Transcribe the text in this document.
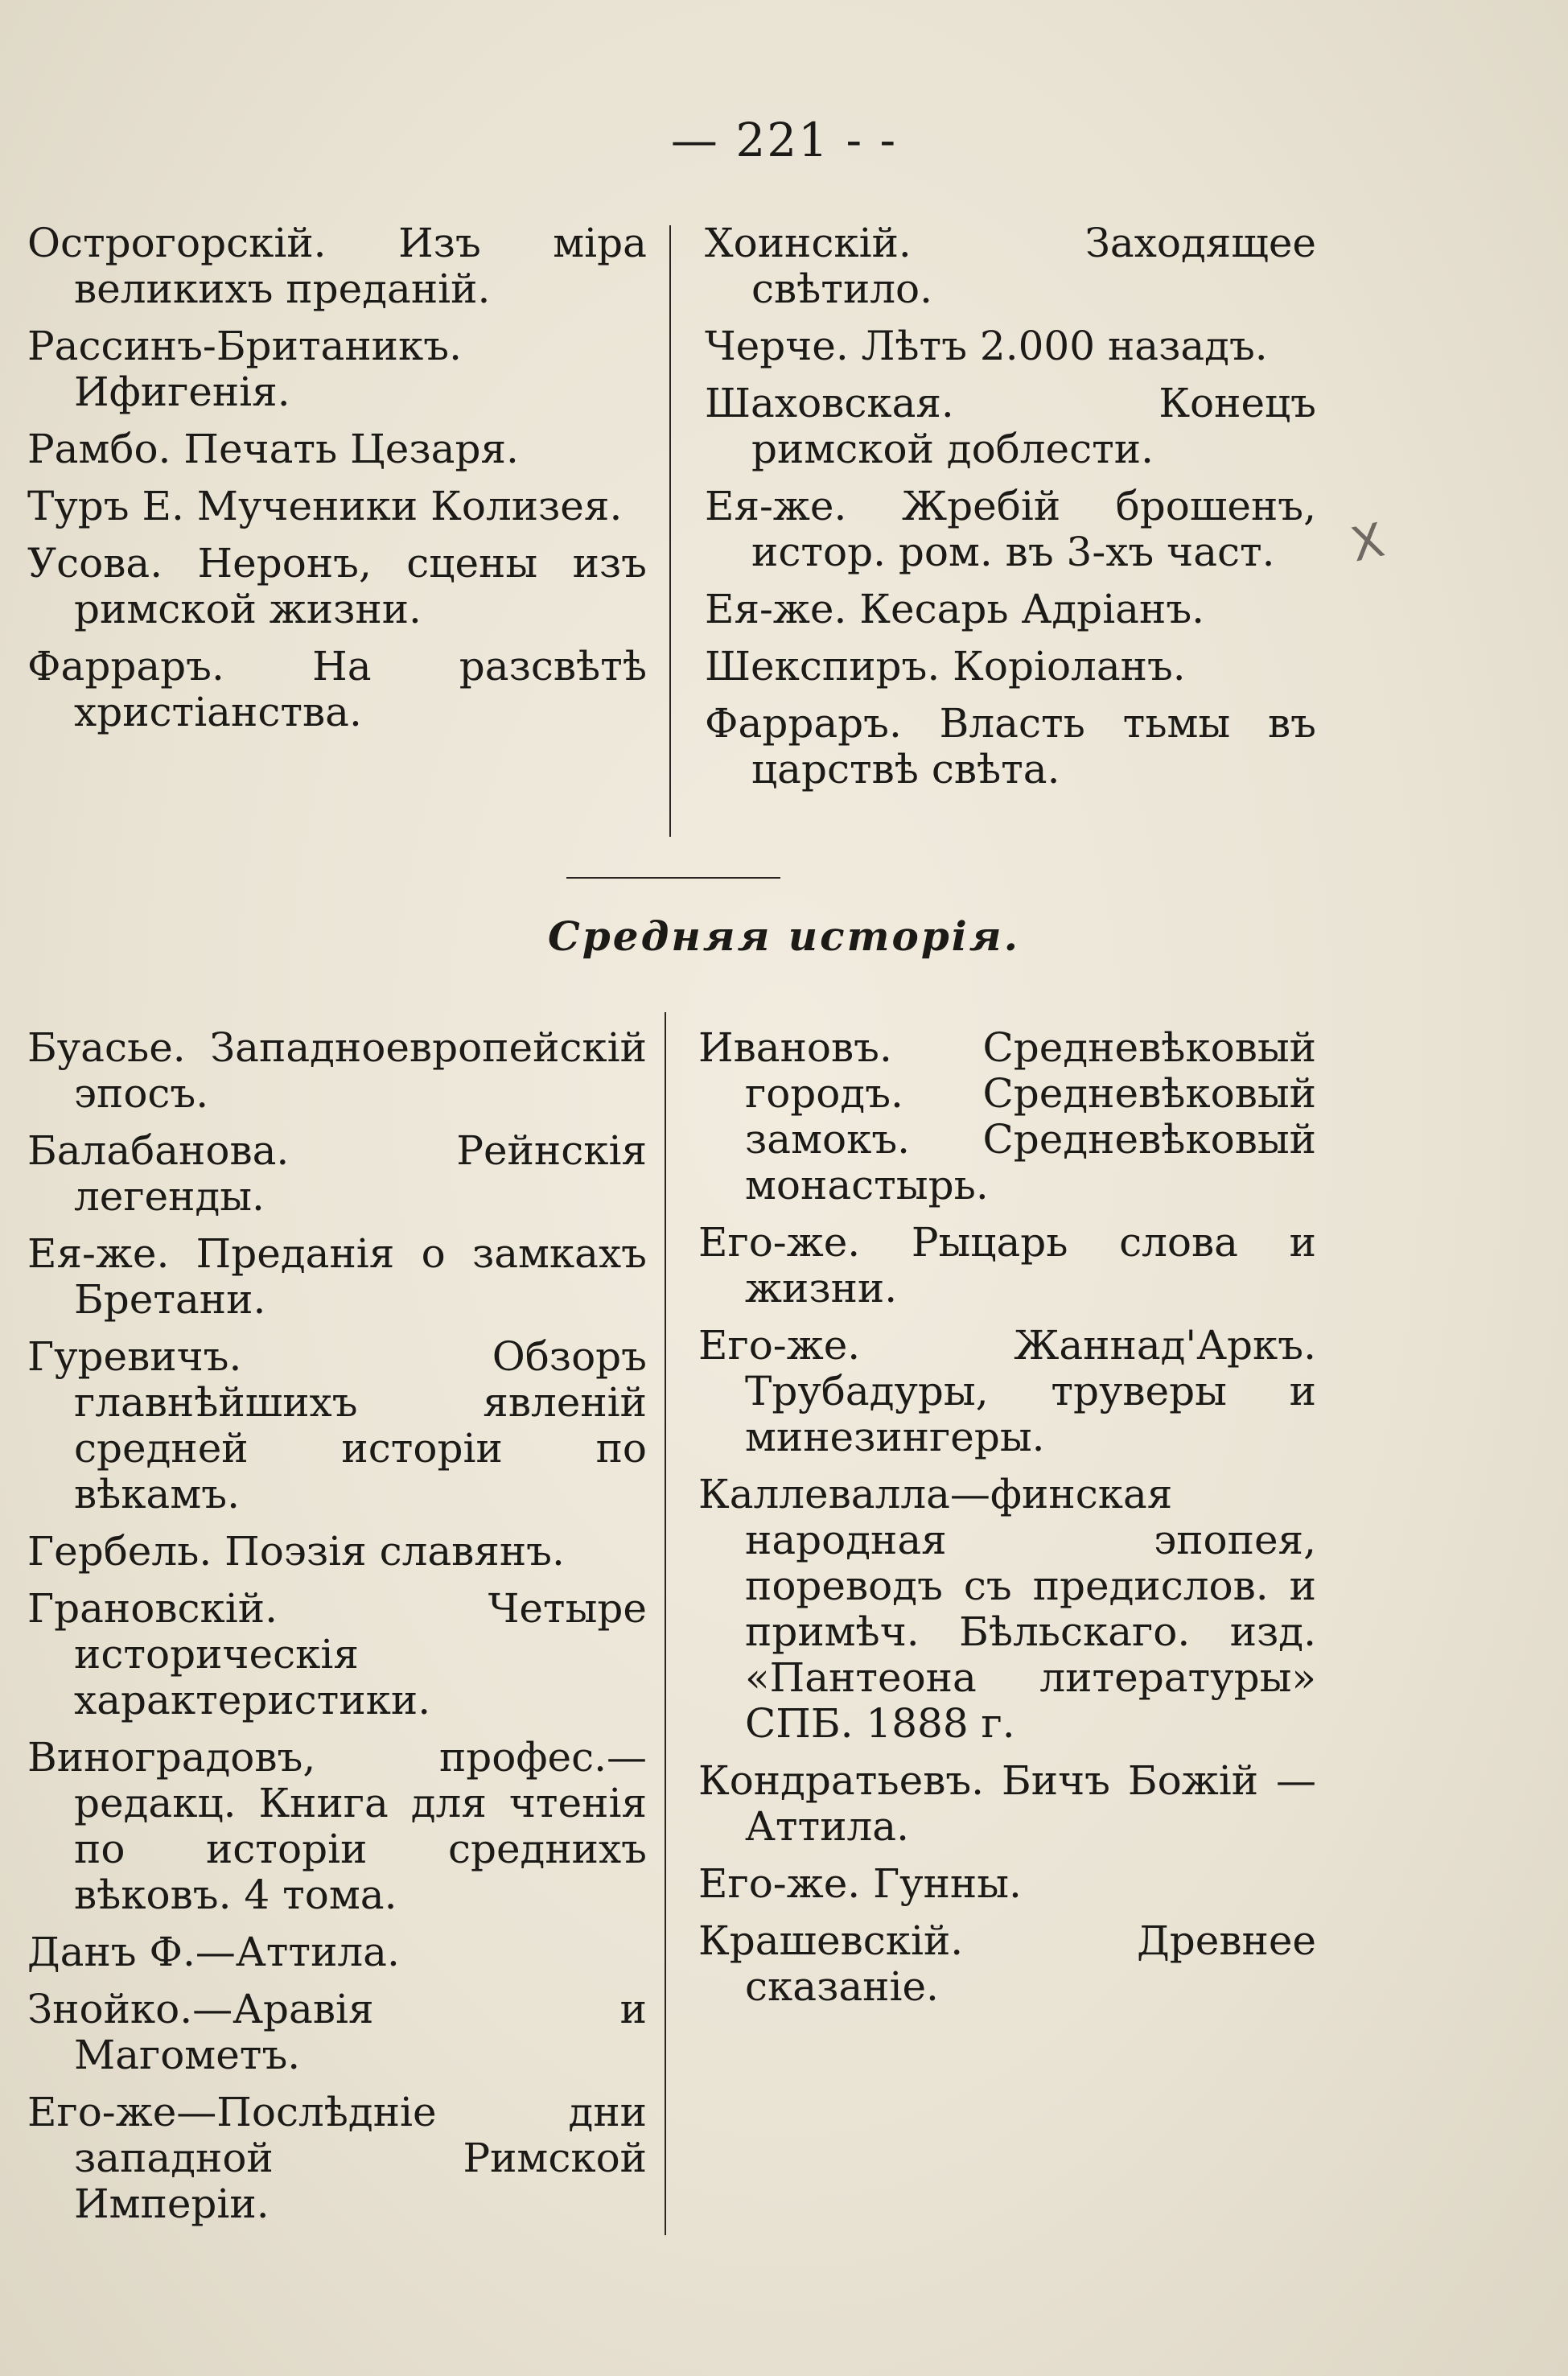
— 221 - -

Острогорскій. Изъ міра великихъ преданій.

Рассинъ-Британикъ. Ифигенія.

Рамбо. Печать Цезаря.

Туръ Е. Мученики Колизея.

Усова. Неронъ, сцены изъ римской жизни.

Фарраръ. На разсвѣтѣ христіанства.

Хоинскій. Заходящее свѣтило.

Черче. Лѣтъ 2.000 назадъ.

Шаховская. Конецъ римской доблести.

Ея-же. Жребій брошенъ, истор. ром. въ 3-хъ част.

Ея-же. Кесарь Адріанъ.

Шекспиръ. Коріоланъ.

Фарраръ. Власть тьмы въ царствѣ свѣта.

X
Средняя исторія.

Буасье. Западноевропейскій эпосъ.

Балабанова. Рейнскія легенды.

Ея-же. Преданія о замкахъ Бретани.

Гуревичъ. Обзоръ главнѣйшихъ явленій средней исторіи по вѣкамъ.

Гербель. Поэзія славянъ.

Грановскій. Четыре историческія характеристики.

Виноградовъ, профес.—редакц. Книга для чтенія по исторіи среднихъ вѣковъ. 4 тома.

Данъ Ф.—Аттила.

Знойко.—Аравія и Магометъ.

Его-же—Послѣдніе дни западной Римской Имперіи.

Ивановъ. Средневѣковый городъ. Средневѣковый замокъ. Средневѣковый монастырь.

Его-же. Рыцарь слова и жизни.

Его-же. Жаннад'Аркъ. Трубадуры, труверы и минезингеры.

Каллевалла—финская народная эпопея, пореводъ съ предислов. и примѣч. Бѣльскаго. изд. «Пантеона литературы» СПБ. 1888 г.

Кондратьевъ. Бичъ Божій —Аттила.

Его-же. Гунны.

Крашевскій. Древнее сказаніе.
